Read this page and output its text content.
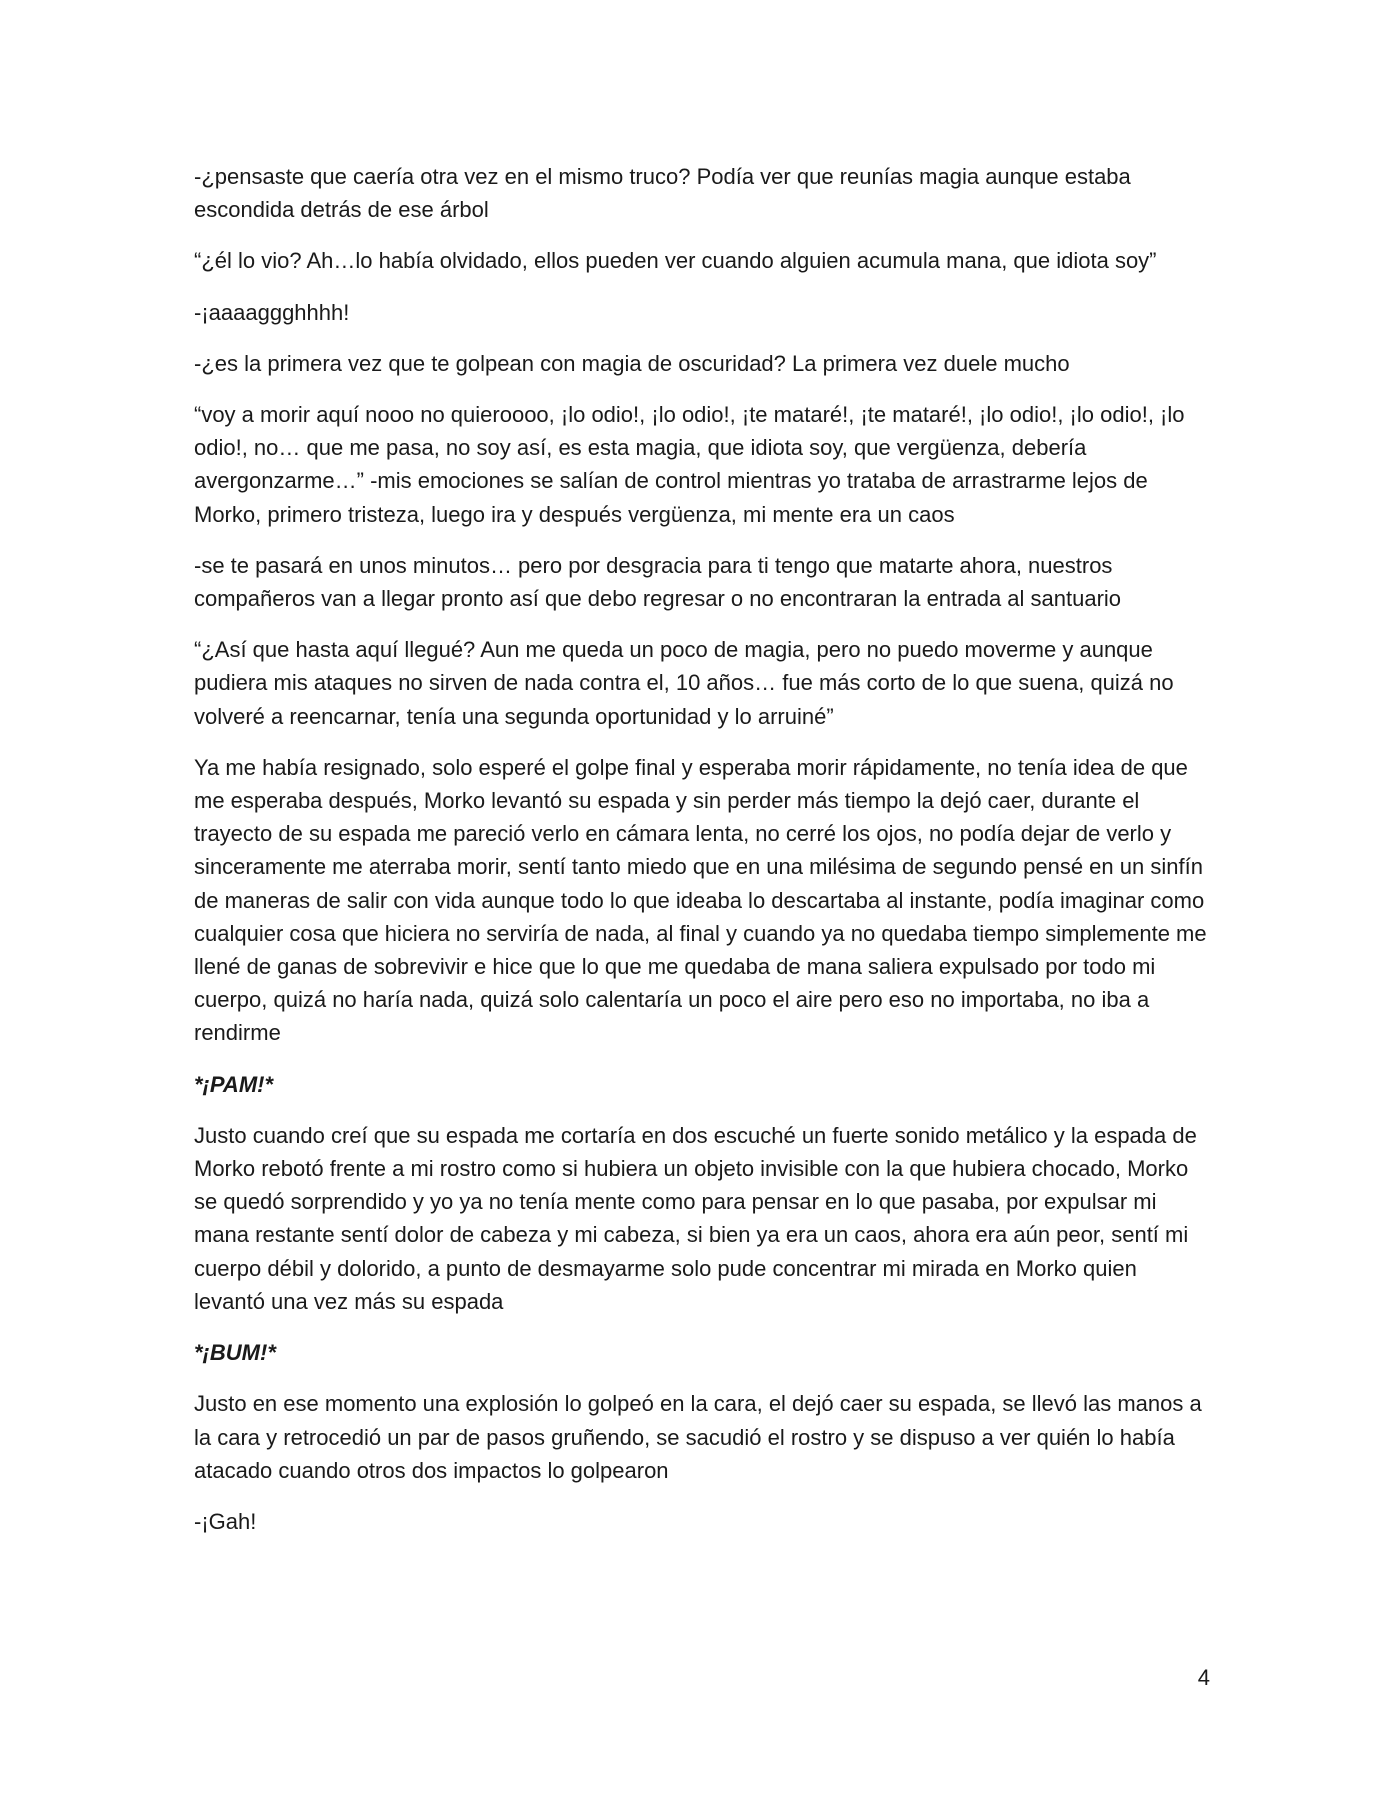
-¿pensaste que caería otra vez en el mismo truco? Podía ver que reunías magia aunque estaba escondida detrás de ese árbol

“¿él lo vio? Ah…lo había olvidado, ellos pueden ver cuando alguien acumula mana, que idiota soy”

-¡aaaaggghhhh!

-¿es la primera vez que te golpean con magia de oscuridad? La primera vez duele mucho

“voy a morir aquí nooo no quieroooo, ¡lo odio!, ¡lo odio!, ¡te mataré!, ¡te mataré!, ¡lo odio!, ¡lo odio!, ¡lo odio!, no… que me pasa, no soy así, es esta magia, que idiota soy, que vergüenza, debería avergonzarme…” -mis emociones se salían de control mientras yo trataba de arrastrarme lejos de Morko, primero tristeza, luego ira y después vergüenza, mi mente era un caos

-se te pasará en unos minutos… pero por desgracia para ti tengo que matarte ahora, nuestros compañeros van a llegar pronto así que debo regresar o no encontraran la entrada al santuario

“¿Así que hasta aquí llegué? Aun me queda un poco de magia, pero no puedo moverme y aunque pudiera mis ataques no sirven de nada contra el, 10 años… fue más corto de lo que suena, quizá no volveré a reencarnar, tenía una segunda oportunidad y lo arruiné”

Ya me había resignado, solo esperé el golpe final y esperaba morir rápidamente, no tenía idea de que me esperaba después, Morko levantó su espada y sin perder más tiempo la dejó caer, durante el trayecto de su espada me pareció verlo en cámara lenta, no cerré los ojos, no podía dejar de verlo y sinceramente me aterraba morir, sentí tanto miedo que en una milésima de segundo pensé en un sinfín de maneras de salir con vida aunque todo lo que ideaba lo descartaba al instante, podía imaginar como cualquier cosa que hiciera no serviría de nada, al final y cuando ya no quedaba tiempo simplemente me llené de ganas de sobrevivir e hice que lo que me quedaba de mana saliera expulsado por todo mi cuerpo, quizá no haría nada, quizá solo calentaría un poco el aire pero eso no importaba, no iba a rendirme

*¡PAM!*

Justo cuando creí que su espada me cortaría en dos escuché un fuerte sonido metálico y la espada de Morko rebotó frente a mi rostro como si hubiera un objeto invisible con la que hubiera chocado, Morko se quedó sorprendido y yo ya no tenía mente como para pensar en lo que pasaba, por expulsar mi mana restante sentí dolor de cabeza y mi cabeza, si bien ya era un caos, ahora era aún peor, sentí mi cuerpo débil y dolorido, a punto de desmayarme solo pude concentrar mi mirada en Morko quien levantó una vez más su espada

*¡BUM!*

Justo en ese momento una explosión lo golpeó en la cara, el dejó caer su espada, se llevó las manos a la cara y retrocedió un par de pasos gruñendo, se sacudió el rostro y se dispuso a ver quién lo había atacado cuando otros dos impactos lo golpearon

-¡Gah!

4
